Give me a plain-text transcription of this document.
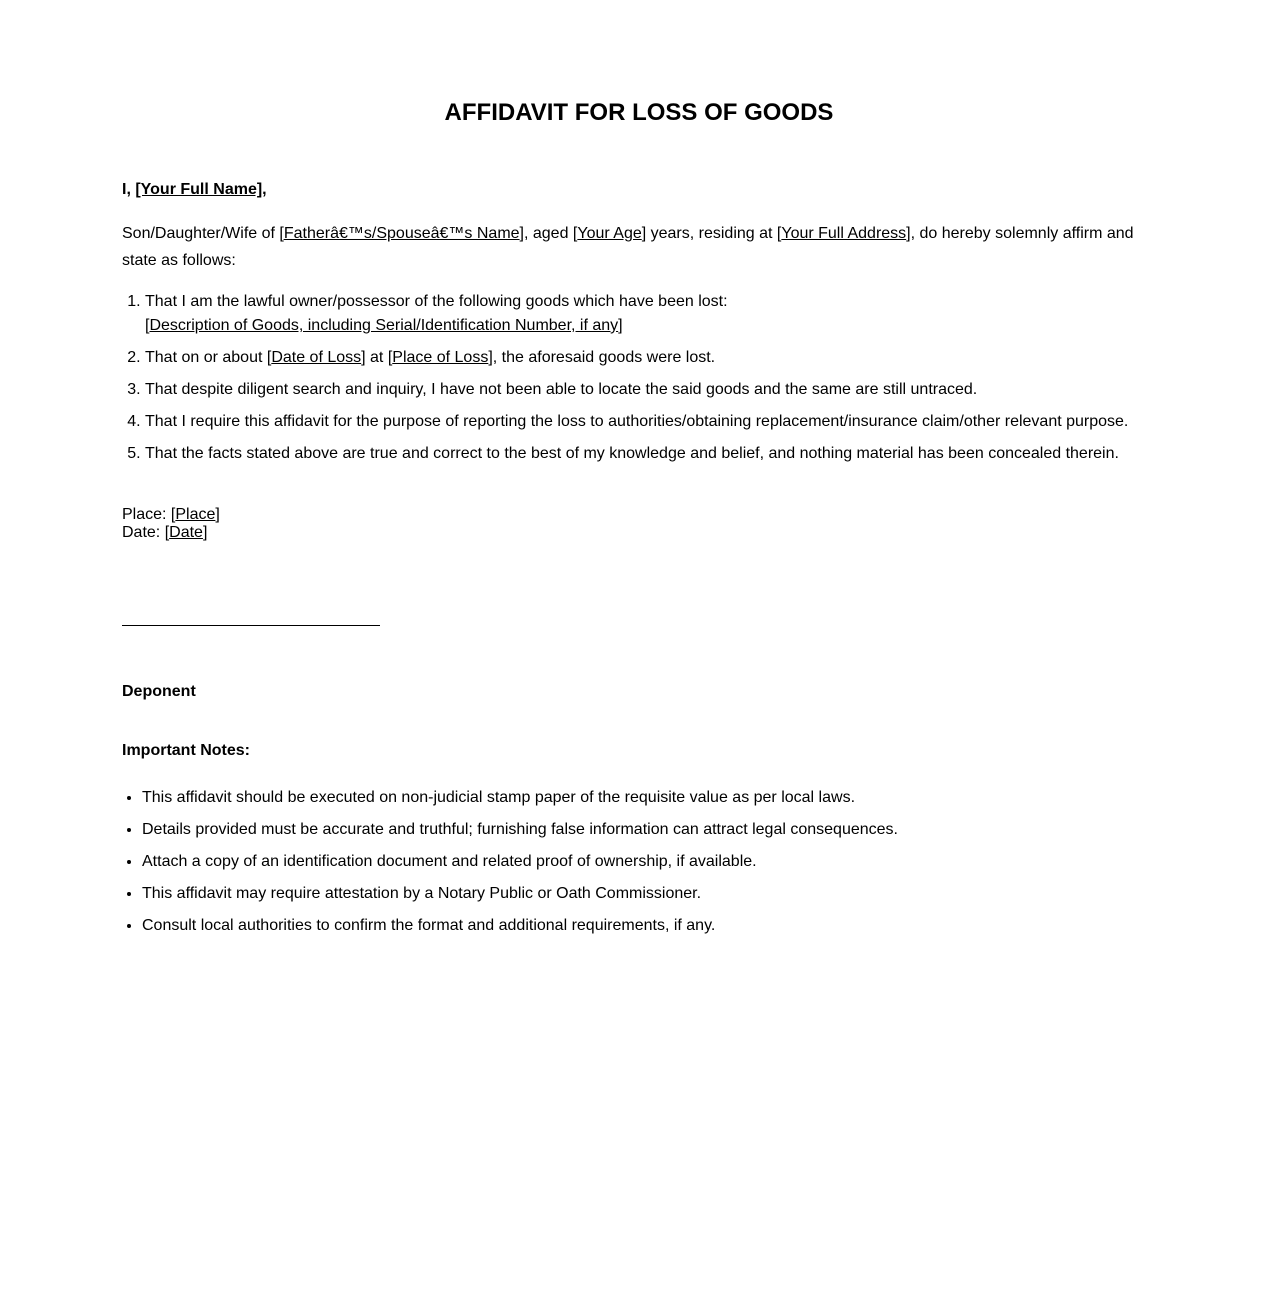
AFFIDAVIT FOR LOSS OF GOODS

I, [Your Full Name],

Son/Daughter/Wife of [Fatherâ€™s/Spouseâ€™s Name], aged [Your Age] years, residing at [Your Full Address], do hereby solemnly affirm and state as follows:

1. That I am the lawful owner/possessor of the following goods which have been lost:
[Description of Goods, including Serial/Identification Number, if any]
2. That on or about [Date of Loss] at [Place of Loss], the aforesaid goods were lost.
3. That despite diligent search and inquiry, I have not been able to locate the said goods and the same are still untraced.
4. That I require this affidavit for the purpose of reporting the loss to authorities/obtaining replacement/insurance claim/other relevant purpose.
5. That the facts stated above are true and correct to the best of my knowledge and belief, and nothing material has been concealed therein.
Place: [Place]
Date: [Date]

Deponent

Important Notes:

• This affidavit should be executed on non-judicial stamp paper of the requisite value as per local laws.
• Details provided must be accurate and truthful; furnishing false information can attract legal consequences.
• Attach a copy of an identification document and related proof of ownership, if available.
• This affidavit may require attestation by a Notary Public or Oath Commissioner.
• Consult local authorities to confirm the format and additional requirements, if any.
